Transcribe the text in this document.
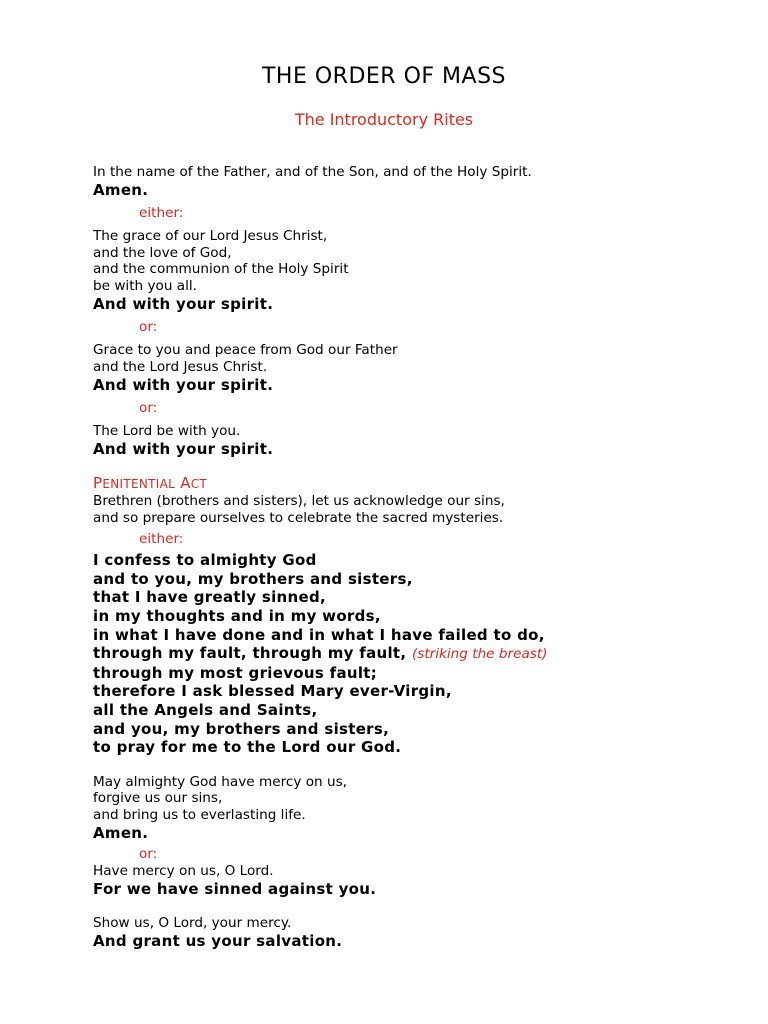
THE ORDER OF MASS
The Introductory Rites
In the name of the Father, and of the Son, and of the Holy Spirit.
Amen.
either:
The grace of our Lord Jesus Christ,
and the love of God,
and the communion of the Holy Spirit
be with you all.
And with your spirit.
or:
Grace to you and peace from God our Father
and the Lord Jesus Christ.
And with your spirit.
or:
The Lord be with you.
And with your spirit.
PENITENTIAL ACT
Brethren (brothers and sisters), let us acknowledge our sins,
and so prepare ourselves to celebrate the sacred mysteries.
either:
I confess to almighty God
and to you, my brothers and sisters,
that I have greatly sinned,
in my thoughts and in my words,
in what I have done and in what I have failed to do,
through my fault, through my fault, (striking the breast)
through my most grievous fault;
therefore I ask blessed Mary ever-Virgin,
all the Angels and Saints,
and you, my brothers and sisters,
to pray for me to the Lord our God.
May almighty God have mercy on us,
forgive us our sins,
and bring us to everlasting life.
Amen.
or:
Have mercy on us, O Lord.
For we have sinned against you.
Show us, O Lord, your mercy.
And grant us your salvation.
